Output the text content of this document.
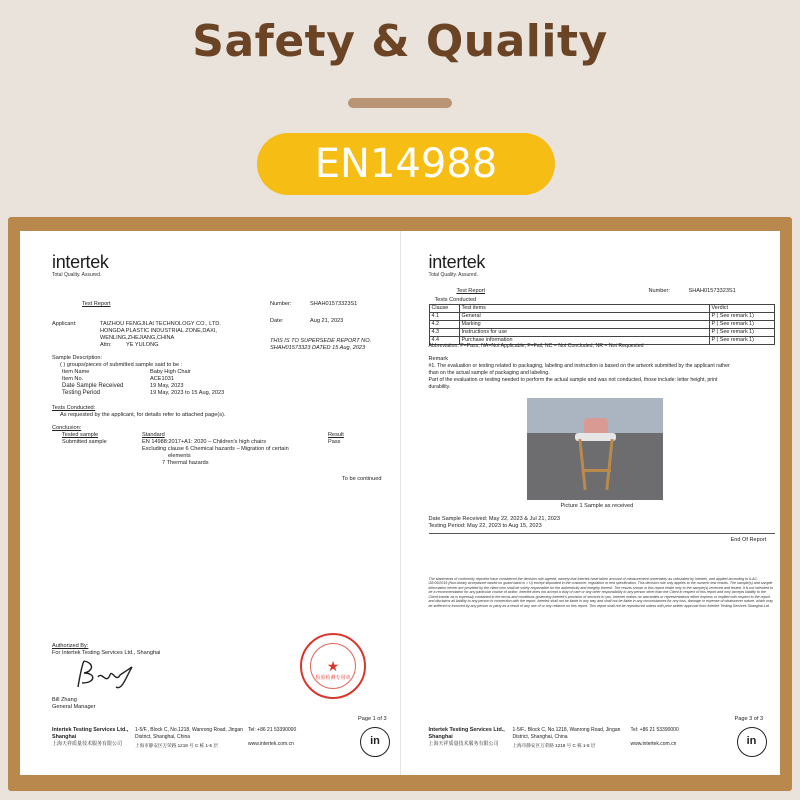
Safety & Quality
EN14988
intertek
Total Quality. Assured.
Test Report	Number:	SHAH01573323S1
Applicant:	TAIZHOU FENGJILAI TECHNOLOGY CO., LTD.
HONGDA PLASTIC INDUSTRIAL ZONE,DAXI,
WENLING,ZHEJIANG,CHINA
Attn:	YE YULONG
Date:	Aug 21, 2023
THIS IS TO SUPERSEDE REPORT NO.
SHAH01573323 DATED 15 Aug, 2023
Sample Description:
( ) groups/pieces of submitted sample said to be :
Item Name	Baby High Chair
Item No.	ACE1031
Date Sample Received	19 May, 2023
Testing Period	19 May, 2023 to 15 Aug, 2023
Tests Conducted:
As requested by the applicant, for details refer to attached page(s).
Conclusion:
Tested sample	Standard	Result
Submitted sample	EN 14988:2017+A1: 2020 – Children's high chairs
Excluding clause 6 Chemical hazards – Migration of certain
elements
7 Thermal hazards
Pass
To be continued
Authorized By:
For Intertek Testing Services Ltd., Shanghai
Bill Zhang
General Manager
★
检验检测专用章
Page 1 of 3
Intertek Testing Services Ltd.,
Shanghai
上海天祥质量技术服务有限公司
1-5/F., Block C, No.1218, Wanrong Road, Jingan District, Shanghai, China
上海市静安区万荣路 1218 号 C 栋 1-5 层
Tel: +86 21 53390000
www.intertek.com.cn	in
intertek
Total Quality. Assured.
Test Report	Number:	SHAH01573323S1
Tests Conducted
Clause	Test items	Verdict
4.1	General	P ( See remark 1)
4.2	Marking	P ( See remark 1)
4.3	Instructions for use	P ( See remark 1)
4.4	Purchase information	P ( See remark 1)
Abbreviation: P=Pass, NA=Not Applicable, F=Fail, NC = Not Concluded, NR = Not Requested
Remark
#1. The evaluation or testing related to packaging, labeling and instruction is based on the artwork submitted by the applicant rather
than on the actual sample of packaging and labeling.
Part of the evaluation or testing needed to perform the actual sample and was not conducted, those include: letter height, print
durability.
Picture 1 Sample as received
Date Sample Received: May 22, 2023 & Jul 21, 2023
Testing Period: May 22, 2023 to Aug 15, 2023
End Of Report
The statements of conformity reported have considered the decision rule agreed, namely that Intertek have taken account of measurement uncertainty as calculated by Intertek, and applied according to ILAC-G8:09/2019 (Non-binary acceptance based on guard band w = U) except stipulated in the customer, regulation or test specification. This decision rule only applies to the numeric test results. The sample(s) and sample information herein are provided by the client who shall be solely responsible for the authenticity and integrity thereof. The results shown in this report relate only to the sample(s) received and tested. It is not intended to be a recommendation for any particular course of action. Intertek does not accept a duty of care or any other responsibility to any person other than the Client in respect of this report and only accepts liability to the Client insofar as is expressly contained in the terms and conditions governing Intertek's provision of services to you. Intertek makes no warranties or representations either express or implied with respect to the report and disclaims all liability to any person in connection with the report. Intertek shall not be liable in any way and shall not be liable in any circumstances for any loss, damage or expense of whatsoever nature, which may be suffered or incurred by any person or party as a result of any use of or any reliance on this report. This report shall not be reproduced unless with prior written approval from Intertek Testing Services Shanghai Ltd.
Page 3 of 3
Intertek Testing Services Ltd.,
Shanghai
上海天祥质量技术服务有限公司
1-5/F., Block C, No.1218, Wanrong Road, Jingan District, Shanghai, China
上海市静安区万荣路 1218 号 C 栋 1-5 层
Tel: +86 21 53390000
www.intertek.com.cn	in
